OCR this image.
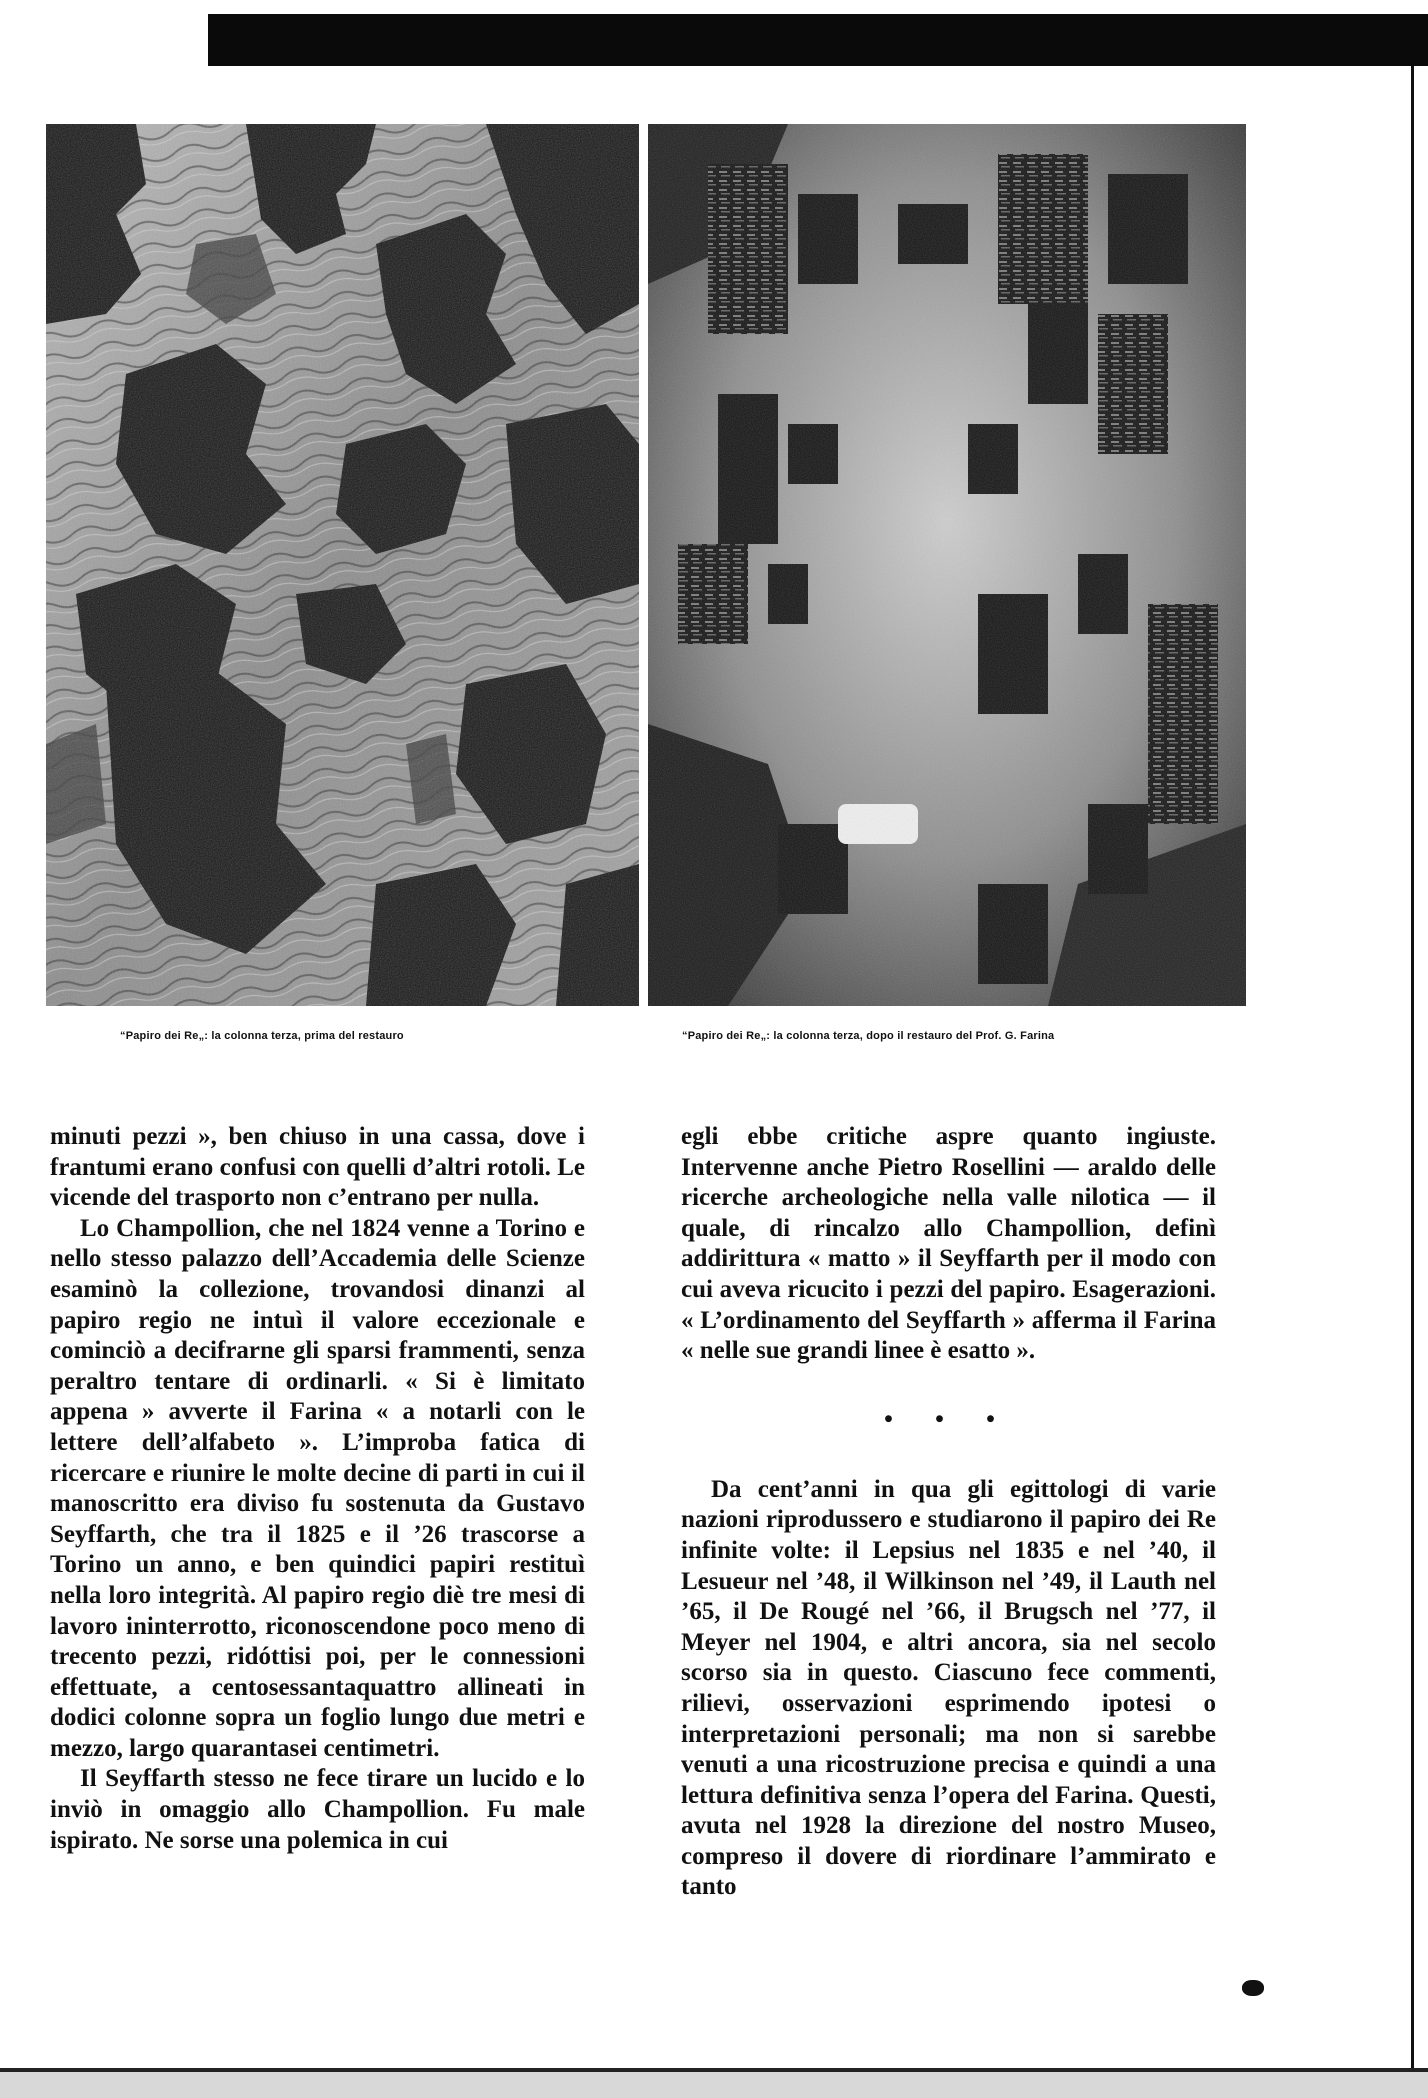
“Papiro dei Re„: la colonna terza, prima del restauro	“Papiro dei Re„: la colonna terza, dopo il restauro del Prof. G. Farina

minuti pezzi », ben chiuso in una cassa, dove i frantumi erano confusi con quelli d’altri rotoli. Le vicende del trasporto non c’entrano per nulla.

Lo Champollion, che nel 1824 venne a Torino e nello stesso palazzo dell’Accademia delle Scienze esaminò la collezione, trovandosi dinanzi al papiro regio ne intuì il valore eccezionale e cominciò a decifrarne gli sparsi frammenti, senza peraltro tentare di ordinarli. « Si è limitato appena » avverte il Farina « a notarli con le lettere dell’alfabeto ». L’improba fatica di ricercare e riunire le molte decine di parti in cui il manoscritto era diviso fu sostenuta da Gustavo Seyffarth, che tra il 1825 e il ’26 trascorse a Torino un anno, e ben quindici papiri restituì nella loro integrità. Al papiro regio diè tre mesi di lavoro ininterrotto, riconoscendone poco meno di trecento pezzi, ridóttisi poi, per le connessioni effettuate, a centosessantaquattro allineati in dodici colonne sopra un foglio lungo due metri e mezzo, largo quarantasei centimetri.

Il Seyffarth stesso ne fece tirare un lucido e lo inviò in omaggio allo Champollion. Fu male ispirato. Ne sorse una polemica in cui

egli ebbe critiche aspre quanto ingiuste. Intervenne anche Pietro Rosellini — araldo delle ricerche archeologiche nella valle nilotica — il quale, di rincalzo allo Champollion, definì addirittura « matto » il Seyffarth per il modo con cui aveva ricucito i pezzi del papiro. Esagerazioni. « L’ordinamento del Seyffarth » afferma il Farina « nelle sue grandi linee è esatto ».

• • •

Da cent’anni in qua gli egittologi di varie nazioni riprodussero e studiarono il papiro dei Re infinite volte: il Lepsius nel 1835 e nel ’40, il Lesueur nel ’48, il Wilkinson nel ’49, il Lauth nel ’65, il De Rougé nel ’66, il Brugsch nel ’77, il Meyer nel 1904, e altri ancora, sia nel secolo scorso sia in questo. Ciascuno fece commenti, rilievi, osservazioni esprimendo ipotesi o interpretazioni personali; ma non si sarebbe venuti a una ricostruzione precisa e quindi a una lettura definitiva senza l’opera del Farina. Questi, avuta nel 1928 la direzione del nostro Museo, compreso il dovere di riordinare l’ammirato e tanto
